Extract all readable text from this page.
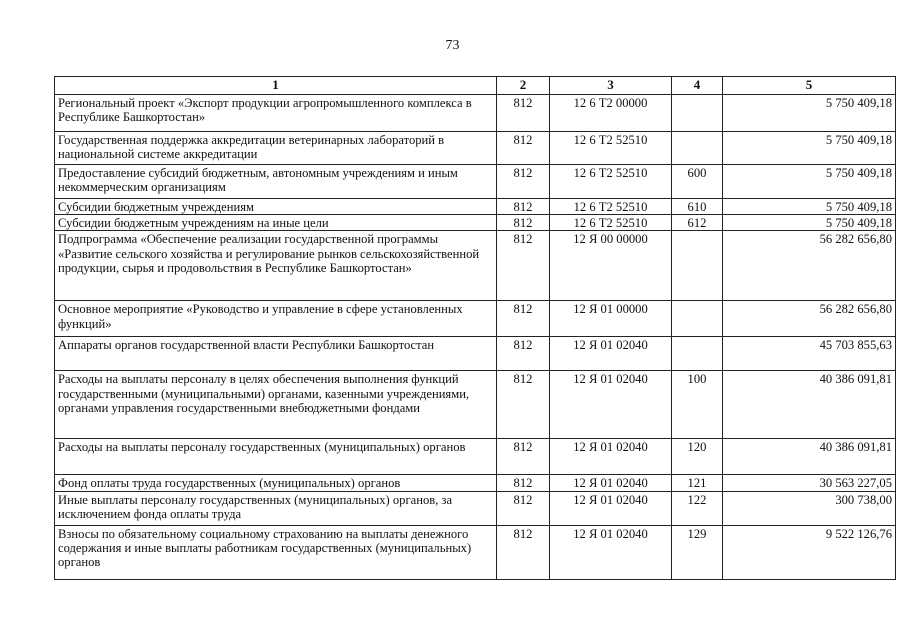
73
1	2	3	4	5
Региональный проект «Экспорт продукции агропромышленного комплекса в Республике Башкортостан»	812	12 6 Т2 00000		5 750 409,18
Государственная поддержка аккредитации ветеринарных лабораторий в национальной системе аккредитации	812	12 6 Т2 52510		5 750 409,18
Предоставление субсидий бюджетным, автономным учреждениям и иным некоммерческим организациям	812	12 6 Т2 52510	600	5 750 409,18
Субсидии бюджетным учреждениям	812	12 6 Т2 52510	610	5 750 409,18
Субсидии бюджетным учреждениям на иные цели	812	12 6 Т2 52510	612	5 750 409,18
Подпрограмма «Обеспечение реализации государственной программы «Развитие сельского хозяйства и регулирование рынков сельскохозяйственной продукции, сырья и продовольствия в Республике Башкортостан»	812	12 Я 00 00000		56 282 656,80
Основное мероприятие «Руководство и управление в сфере установленных функций»	812	12 Я 01 00000		56 282 656,80
Аппараты органов государственной власти Республики Башкортостан	812	12 Я 01 02040		45 703 855,63
Расходы на выплаты персоналу в целях обеспечения выполнения функций государственными (муниципальными) органами, казенными учреждениями, органами управления государственными внебюджетными фондами	812	12 Я 01 02040	100	40 386 091,81
Расходы на выплаты персоналу государственных (муниципальных) органов	812	12 Я 01 02040	120	40 386 091,81
Фонд оплаты труда государственных (муниципальных) органов	812	12 Я 01 02040	121	30 563 227,05
Иные выплаты персоналу государственных (муниципальных) органов, за исключением фонда оплаты труда	812	12 Я 01 02040	122	300 738,00
Взносы по обязательному социальному страхованию на выплаты денежного содержания и иные выплаты работникам государственных (муниципальных) органов	812	12 Я 01 02040	129	9 522 126,76
